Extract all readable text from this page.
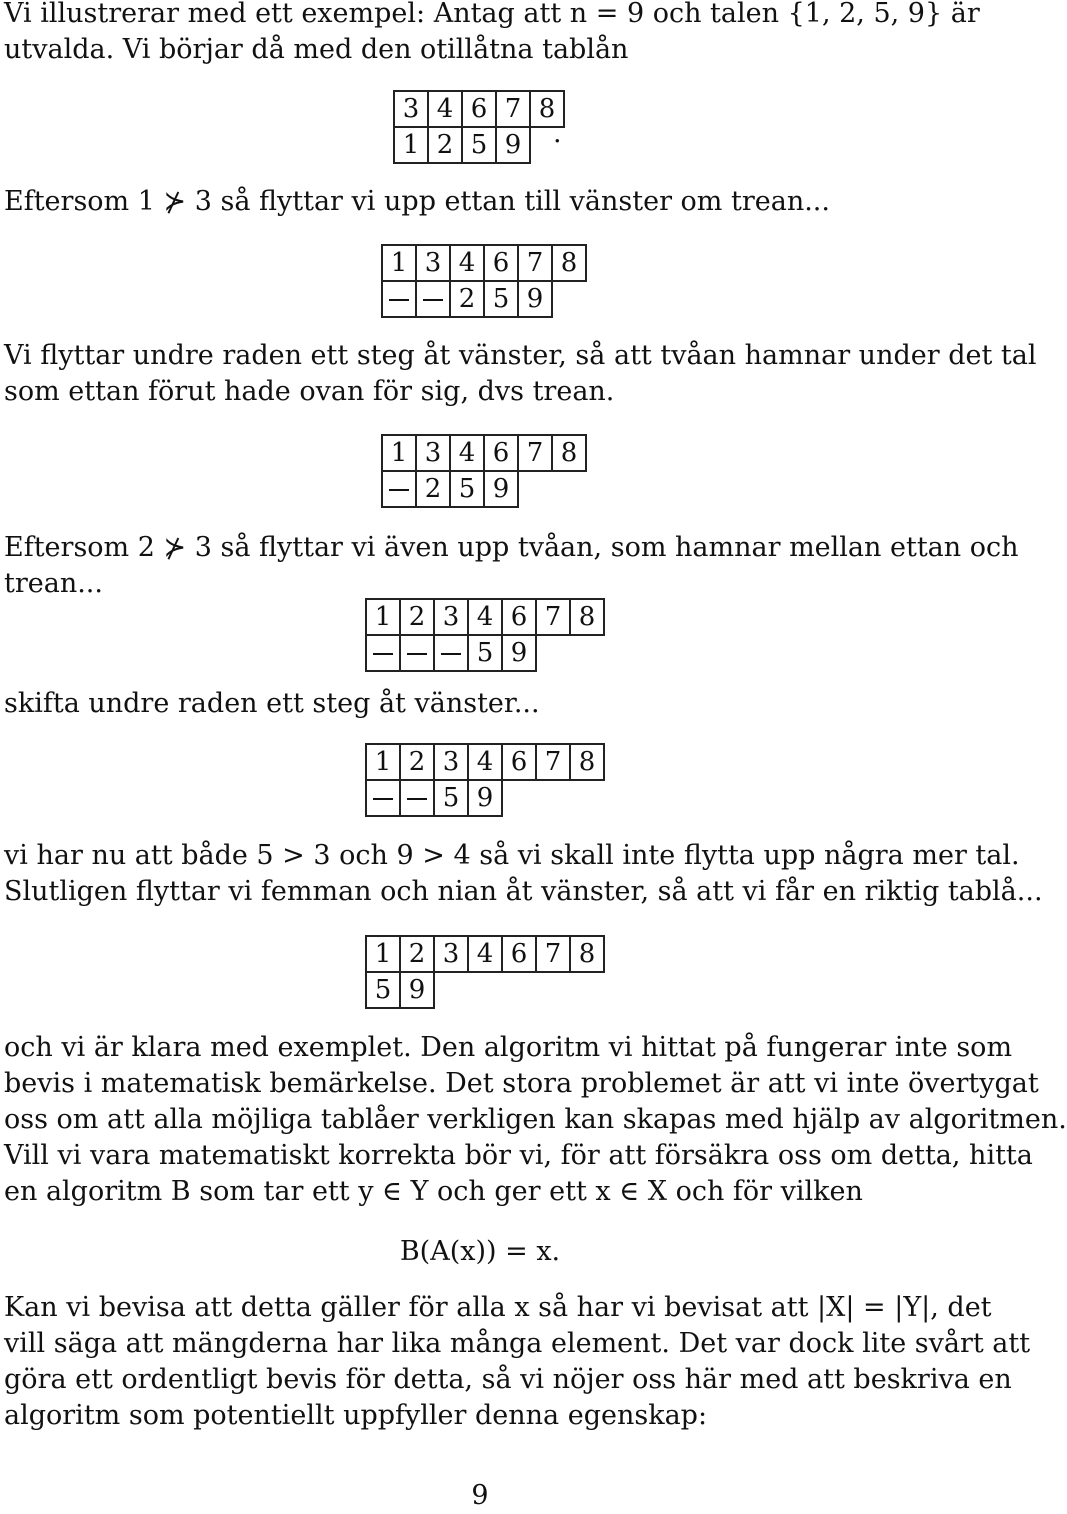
Vi illustrerar med ett exempel: Antag att n = 9 och talen {1, 2, 5, 9} är
utvalda. Vi börjar då med den otillåtna tablån

3	4	6	7	8
1	2	5	9	.

Eftersom 1 ⊁ 3 så flyttar vi upp ettan till vänster om trean...

1	3	4	6	7	8
		2	5	9	

Vi flyttar undre raden ett steg åt vänster, så att tvåan hamnar under det tal
som ettan förut hade ovan för sig, dvs trean.

1	3	4	6	7	8
	2	5	9		

Eftersom 2 ⊁ 3 så flyttar vi även upp tvåan, som hamnar mellan ettan och
trean...

1	2	3	4	6	7	8
			5	9		

skifta undre raden ett steg åt vänster...

1	2	3	4	6	7	8
		5	9			

vi har nu att både 5 > 3 och 9 > 4 så vi skall inte flytta upp några mer tal.
Slutligen flyttar vi femman och nian åt vänster, så att vi får en riktig tablå...

1	2	3	4	6	7	8
5	9					

och vi är klara med exemplet. Den algoritm vi hittat på fungerar inte som
bevis i matematisk bemärkelse. Det stora problemet är att vi inte övertygat
oss om att alla möjliga tablåer verkligen kan skapas med hjälp av algoritmen.
Vill vi vara matematiskt korrekta bör vi, för att försäkra oss om detta, hitta
en algoritm B som tar ett y ∈ Y och ger ett x ∈ X och för vilken

B(A(x)) = x.

Kan vi bevisa att detta gäller för alla x så har vi bevisat att |X| = |Y|, det
vill säga att mängderna har lika många element. Det var dock lite svårt att
göra ett ordentligt bevis för detta, så vi nöjer oss här med att beskriva en
algoritm som potentiellt uppfyller denna egenskap:

9
